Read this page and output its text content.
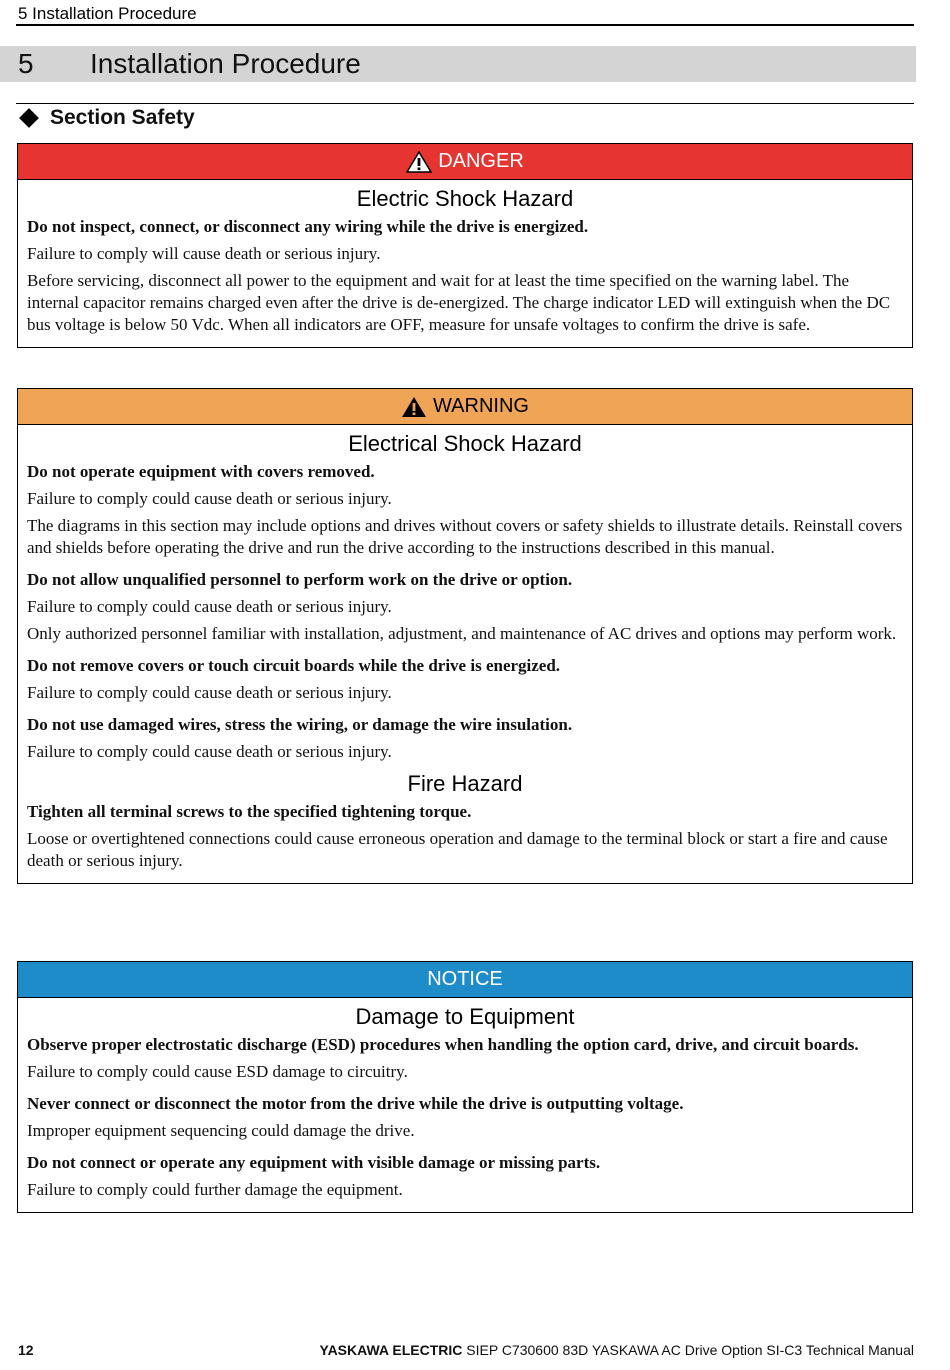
5 Installation Procedure
5 Installation Procedure
Section Safety
DANGER
Electric Shock Hazard
Do not inspect, connect, or disconnect any wiring while the drive is energized.
Failure to comply will cause death or serious injury.
Before servicing, disconnect all power to the equipment and wait for at least the time specified on the warning label. The internal capacitor remains charged even after the drive is de-energized. The charge indicator LED will extinguish when the DC bus voltage is below 50 Vdc. When all indicators are OFF, measure for unsafe voltages to confirm the drive is safe.
WARNING
Electrical Shock Hazard
Do not operate equipment with covers removed.
Failure to comply could cause death or serious injury.
The diagrams in this section may include options and drives without covers or safety shields to illustrate details. Reinstall covers and shields before operating the drive and run the drive according to the instructions described in this manual.
Do not allow unqualified personnel to perform work on the drive or option.
Failure to comply could cause death or serious injury.
Only authorized personnel familiar with installation, adjustment, and maintenance of AC drives and options may perform work.
Do not remove covers or touch circuit boards while the drive is energized.
Failure to comply could cause death or serious injury.
Do not use damaged wires, stress the wiring, or damage the wire insulation.
Failure to comply could cause death or serious injury.
Fire Hazard
Tighten all terminal screws to the specified tightening torque.
Loose or overtightened connections could cause erroneous operation and damage to the terminal block or start a fire and cause death or serious injury.
NOTICE
Damage to Equipment
Observe proper electrostatic discharge (ESD) procedures when handling the option card, drive, and circuit boards.
Failure to comply could cause ESD damage to circuitry.
Never connect or disconnect the motor from the drive while the drive is outputting voltage.
Improper equipment sequencing could damage the drive.
Do not connect or operate any equipment with visible damage or missing parts.
Failure to comply could further damage the equipment.
12	YASKAWA ELECTRIC SIEP C730600 83D YASKAWA AC Drive Option SI-C3 Technical Manual
